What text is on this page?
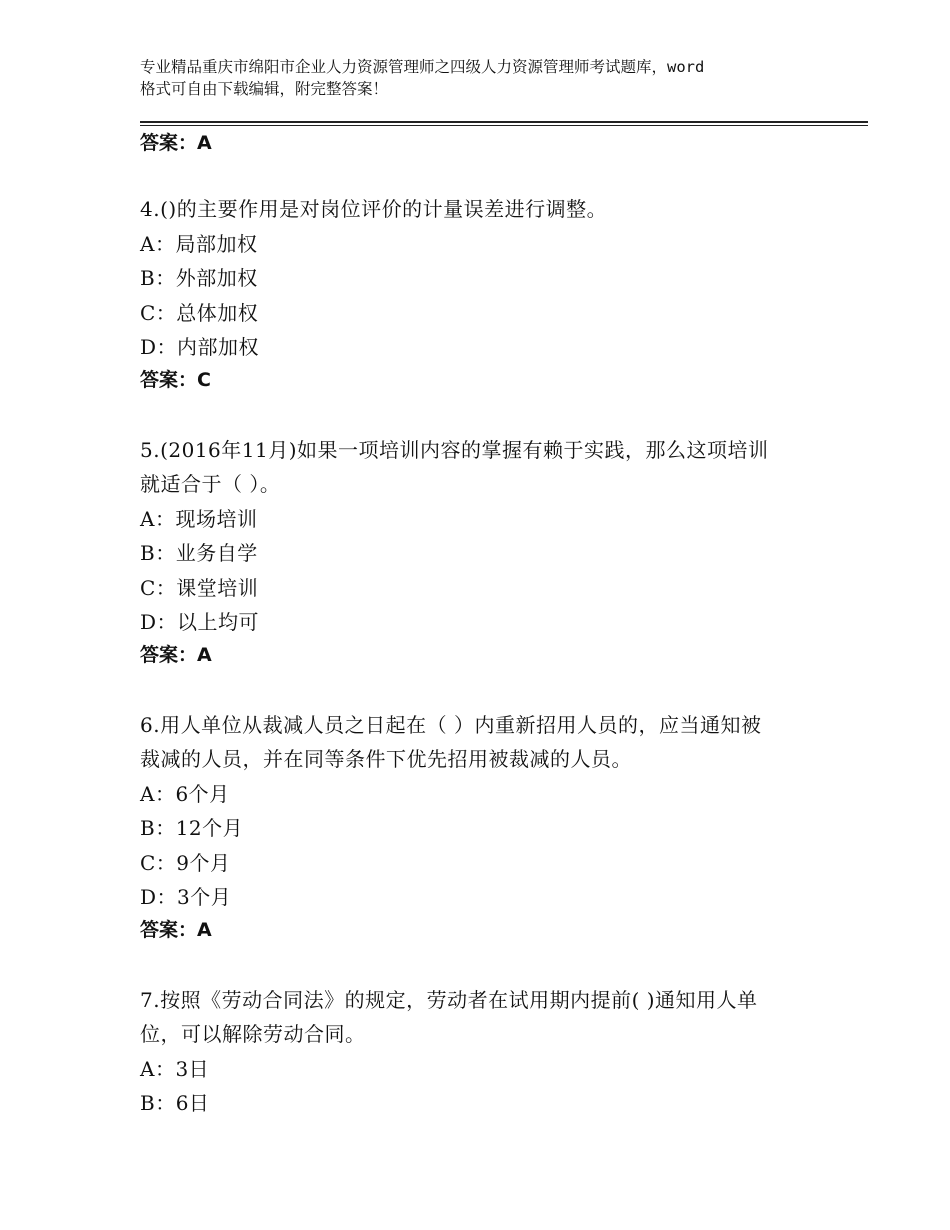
专业精品重庆市绵阳市企业人力资源管理师之四级人力资源管理师考试题库，word

格式可自由下载编辑，附完整答案！

答案：A

4.()的主要作用是对岗位评价的计量误差进行调整。

A：局部加权

B：外部加权

C：总体加权

D：内部加权

答案：C

5.(2016年11月)如果一项培训内容的掌握有赖于实践，那么这项培训

就适合于（ ）。

A：现场培训

B：业务自学

C：课堂培训

D：以上均可

答案：A

6.用人单位从裁减人员之日起在（ ）内重新招用人员的，应当通知被

裁减的人员，并在同等条件下优先招用被裁减的人员。

A：6个月

B：12个月

C：9个月

D：3个月

答案：A

7.按照《劳动合同法》的规定，劳动者在试用期内提前( )通知用人单

位，可以解除劳动合同。

A：3日

B：6日
